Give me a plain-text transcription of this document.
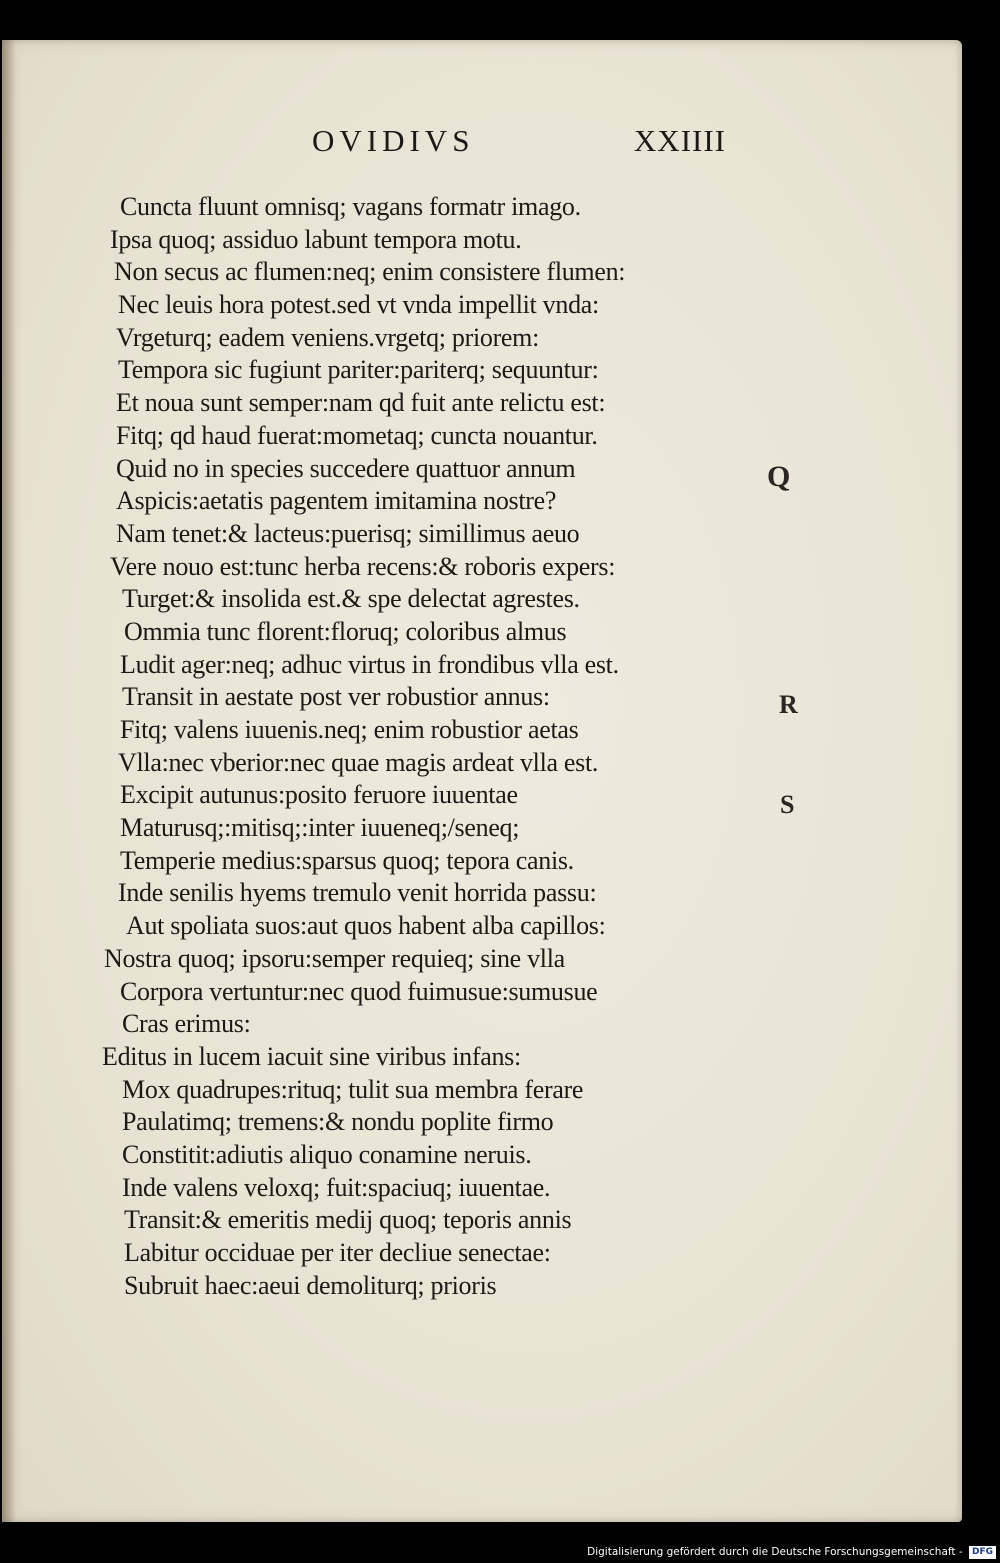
OVIDIVS	XXIIII
Cuncta fluunt omnisq; vagans formatr imago.
Ipsa quoq; assiduo labunt tempora motu.
Non secus ac flumen:neq; enim consistere flumen:
Nec leuis hora potest.sed vt vnda impellit vnda:
Vrgeturq; eadem veniens.vrgetq; priorem:
Tempora sic fugiunt pariter:pariterq; sequuntur:
Et noua sunt semper:nam qd fuit ante relictu est:
Fitq; qd haud fuerat:mometaq; cuncta nouantur.
Quid no in species succedere quattuor annum
Aspicis:aetatis pagentem imitamina nostre?
Nam tenet:& lacteus:puerisq; simillimus aeuo
Vere nouo est:tunc herba recens:& roboris expers:
Turget:& insolida est.& spe delectat agrestes.
Ommia tunc florent:floruq; coloribus almus
Ludit ager:neq; adhuc virtus in frondibus vlla est.
Transit in aestate post ver robustior annus:
Fitq; valens iuuenis.neq; enim robustior aetas
Vlla:nec vberior:nec quae magis ardeat vlla est.
Excipit autunus:posito feruore iuuentae
Maturusq;:mitisq;:inter iuueneq;/seneq;
Temperie medius:sparsus quoq; tepora canis.
Inde senilis hyems tremulo venit horrida passu:
Aut spoliata suos:aut quos habent alba capillos:
Nostra quoq; ipsoru:semper requieq; sine vlla
Corpora vertuntur:nec quod fuimusue:sumusue
Cras erimus:
Editus in lucem iacuit sine viribus infans:
Mox quadrupes:rituq; tulit sua membra ferare
Paulatimq; tremens:& nondu poplite firmo
Constitit:adiutis aliquo conamine neruis.
Inde valens veloxq; fuit:spaciuq; iuuentae.
Transit:& emeritis medij quoq; teporis annis
Labitur occiduae per iter decliue senectae:
Subruit haec:aeui demoliturq; prioris
Q
R
S
Digitalisierung gefördert durch die Deutsche Forschungsgemeinschaft - DFG
